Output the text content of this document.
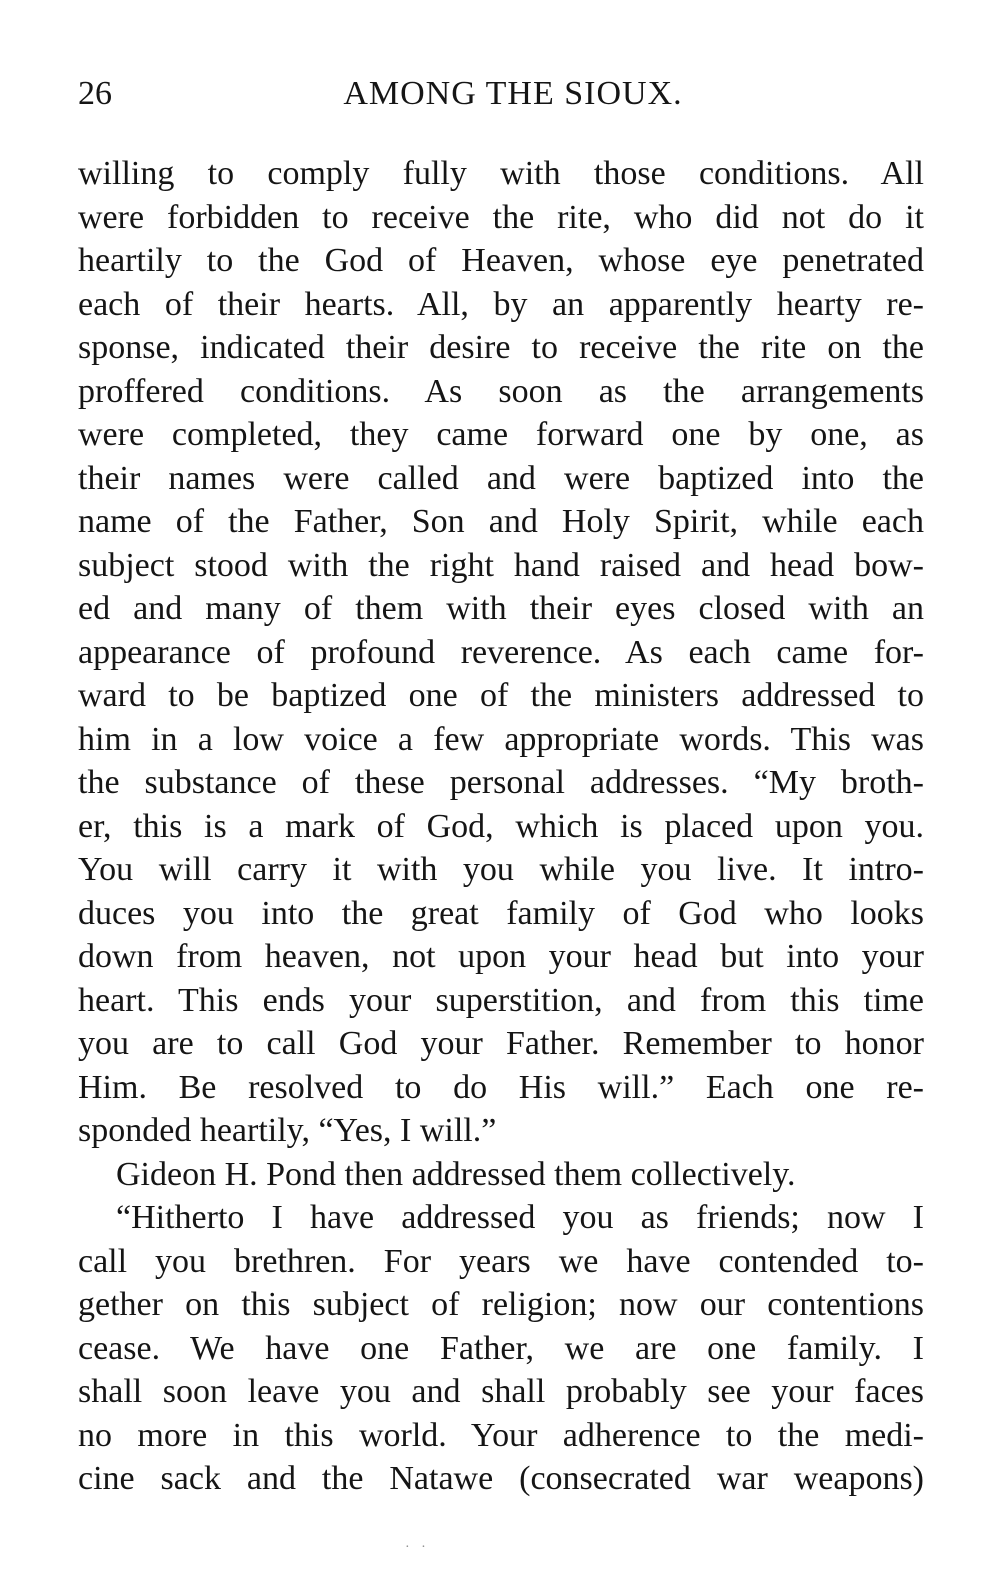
26	AMONG THE SIOUX.
willing to comply fully with those conditions. All
were forbidden to receive the rite, who did not do it
heartily to the God of Heaven, whose eye penetrated
each of their hearts. All, by an apparently hearty re-
sponse, indicated their desire to receive the rite on the
proffered conditions. As soon as the arrangements
were completed, they came forward one by one, as
their names were called and were baptized into the
name of the Father, Son and Holy Spirit, while each
subject stood with the right hand raised and head bow-
ed and many of them with their eyes closed with an
appearance of profound reverence. As each came for-
ward to be baptized one of the ministers addressed to
him in a low voice a few appropriate words. This was
the substance of these personal addresses. “My broth-
er, this is a mark of God, which is placed upon you.
You will carry it with you while you live. It intro-
duces you into the great family of God who looks
down from heaven, not upon your head but into your
heart. This ends your superstition, and from this time
you are to call God your Father. Remember to honor
Him. Be resolved to do His will.” Each one re-
sponded heartily, “Yes, I will.”
Gideon H. Pond then addressed them collectively.
“Hitherto I have addressed you as friends; now I
call you brethren. For years we have contended to-
gether on this subject of religion; now our contentions
cease. We have one Father, we are one family. I
shall soon leave you and shall probably see your faces
no more in this world. Your adherence to the medi-
cine sack and the Natawe (consecrated war weapons)
· ·
